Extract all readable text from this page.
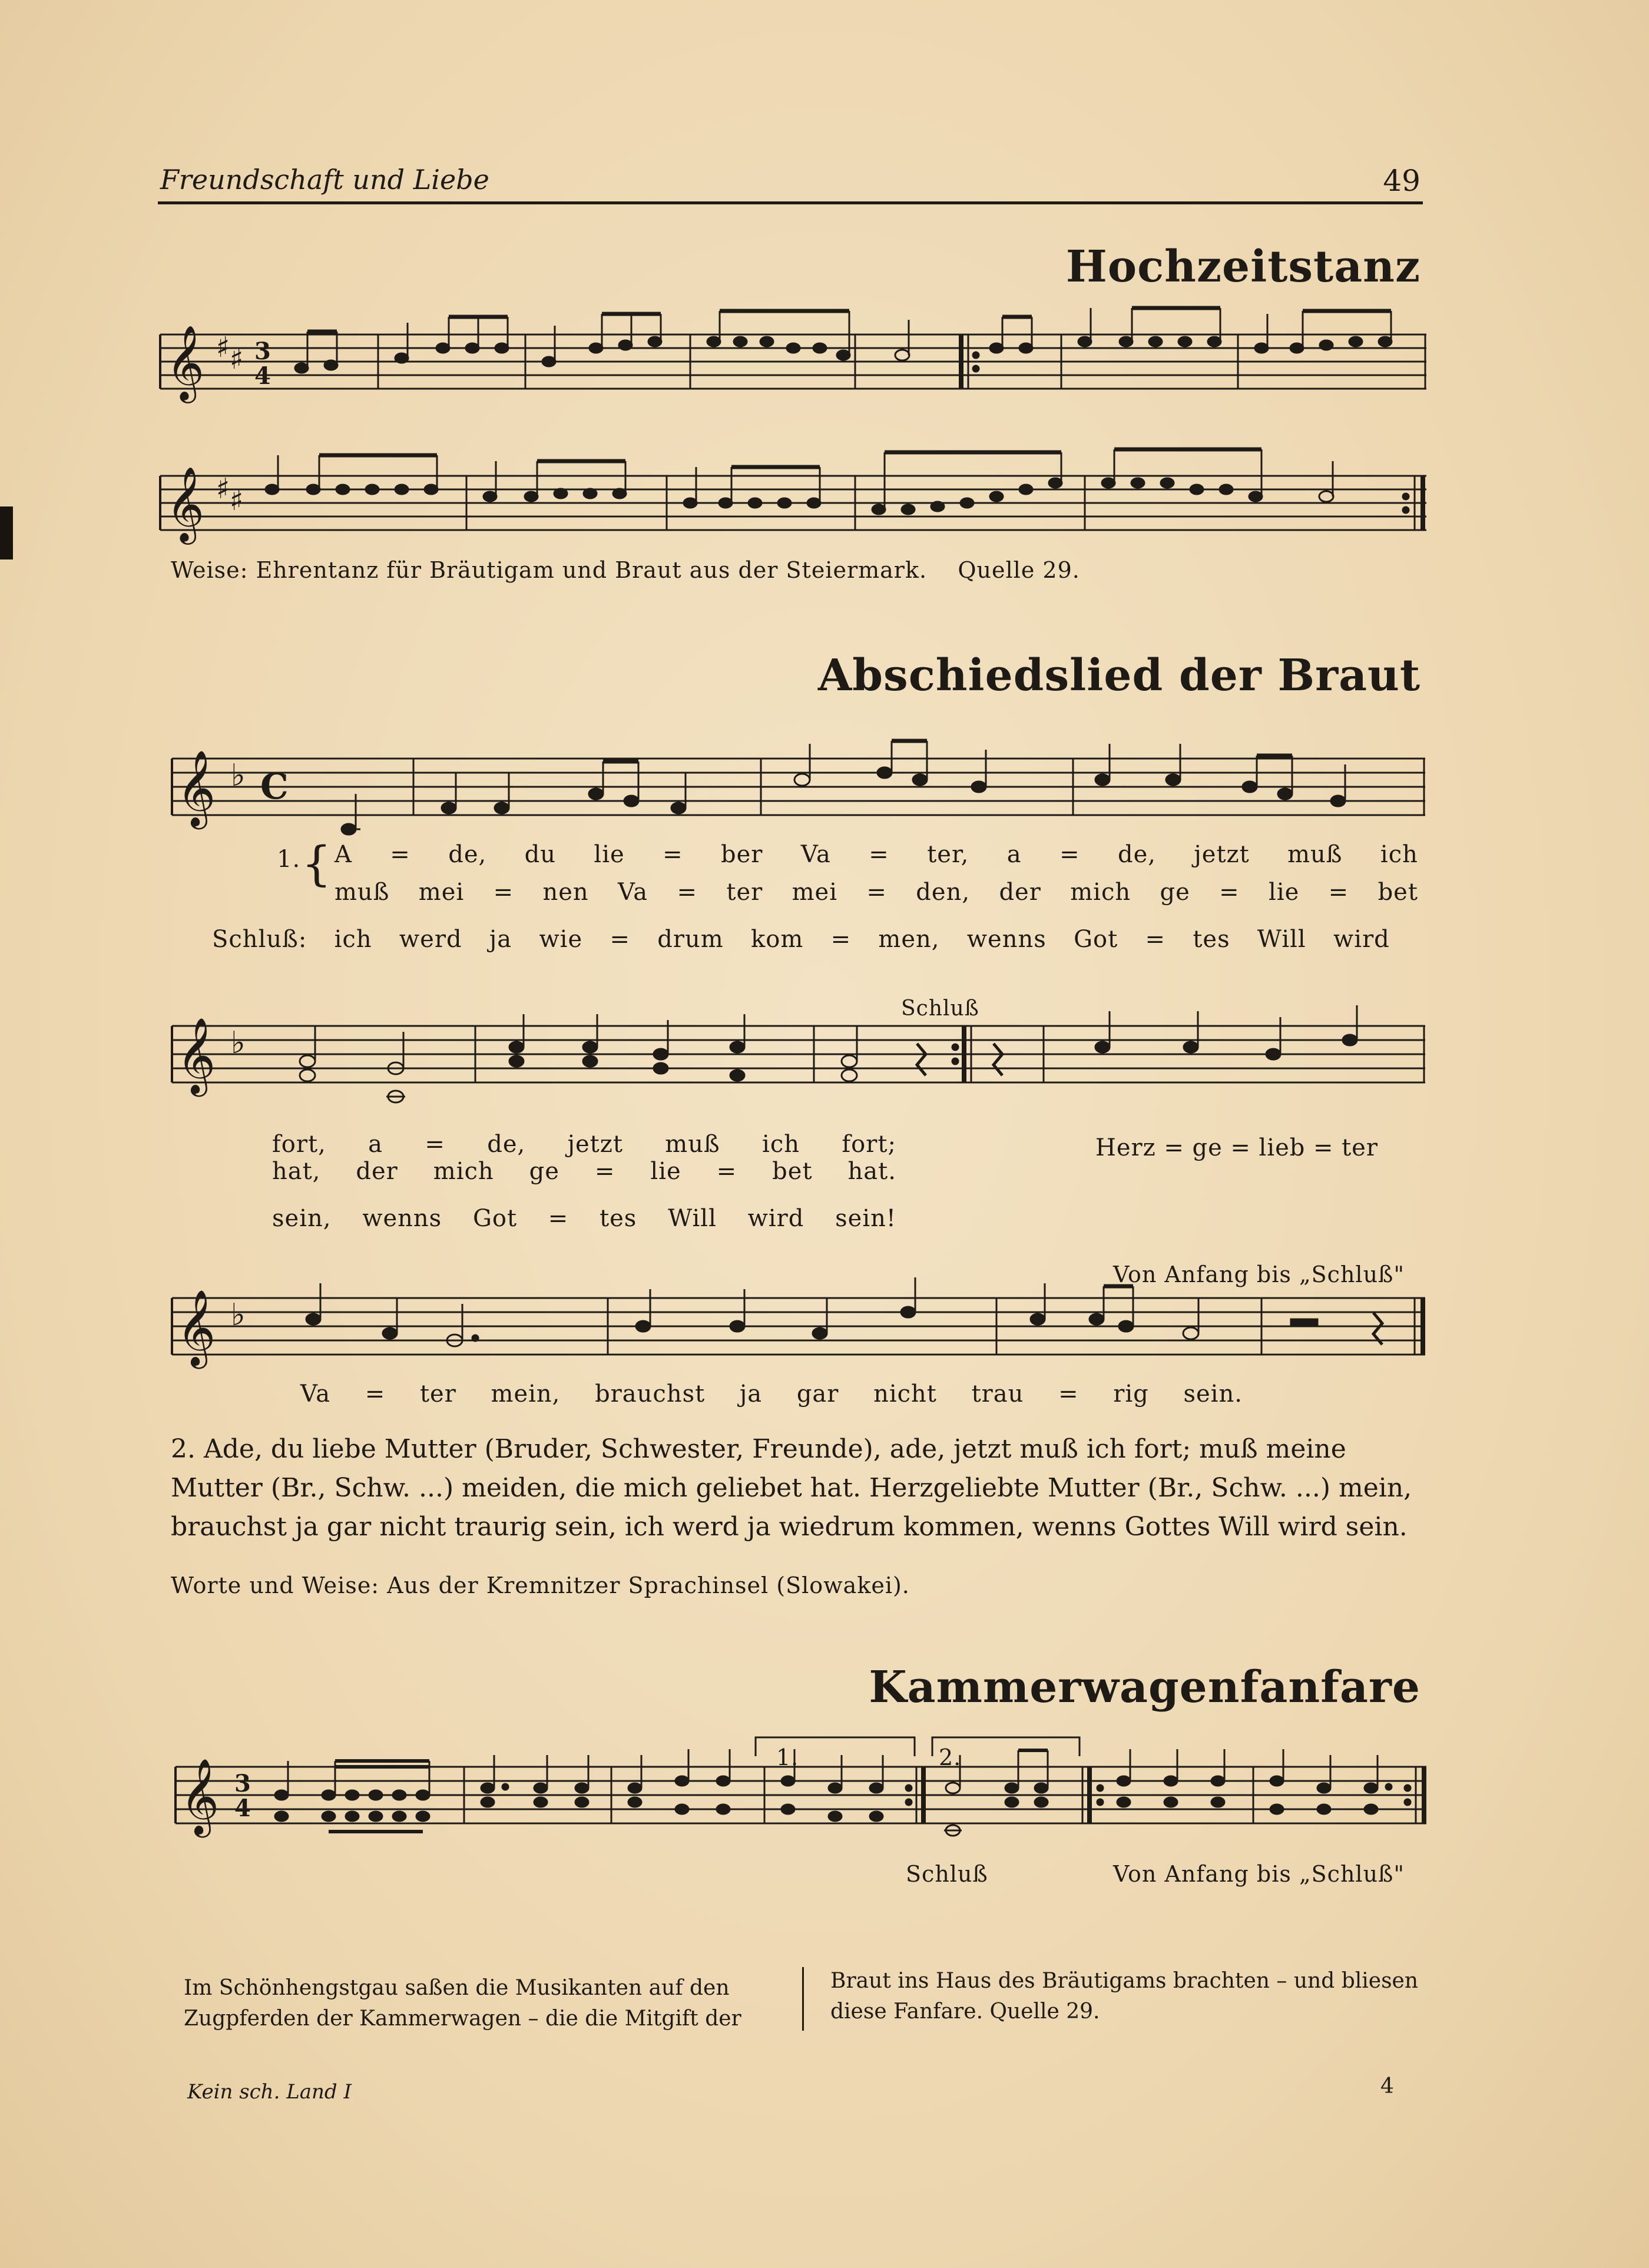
Freundschaft und Liebe	49
Hochzeitstanz
𝄞 ♯ ♯ 3
4
𝄞 ♯ ♯
Weise: Ehrentanz für Bräutigam und Braut aus der Steiermark. Quelle 29.
Abschiedslied der Braut
𝄞 ♭ C
1. { A = de, du lie = ber Va = ter, a = de, jetzt muß ich
muß mei = nen Va = ter mei = den, der mich ge = lie = bet
Schluß: ich werd ja wie = drum kom = men, wenns Got = tes Will wird
Schluß
𝄞 ♭
fort, a = de, jetzt muß ich fort;
hat, der mich ge = lie = bet hat.
Herz = ge = lieb = ter
sein, wenns Got = tes Will wird sein!
Von Anfang bis „Schluß"
𝄞 ♭
Va = ter mein, brauchst ja gar nicht trau = rig sein.
2. Ade, du liebe Mutter (Bruder, Schwester, Freunde), ade, jetzt muß ich fort; muß meine Mutter (Br., Schw. ...) meiden, die mich geliebet hat. Herzgeliebte Mutter (Br., Schw. ...) mein, brauchst ja gar nicht traurig sein, ich werd ja wiedrum kommen, wenns Gottes Will wird sein.
Worte und Weise: Aus der Kremnitzer Sprachinsel (Slowakei).
Kammerwagenfanfare
1.	2.
𝄞 3
4
Schluß	Von Anfang bis „Schluß"
Im Schönhengstgau saßen die Musikanten auf den Zugpferden der Kammerwagen – die die Mitgift der
Braut ins Haus des Bräutigams brachten – und bliesen diese Fanfare. Quelle 29.
Kein sch. Land I	4
